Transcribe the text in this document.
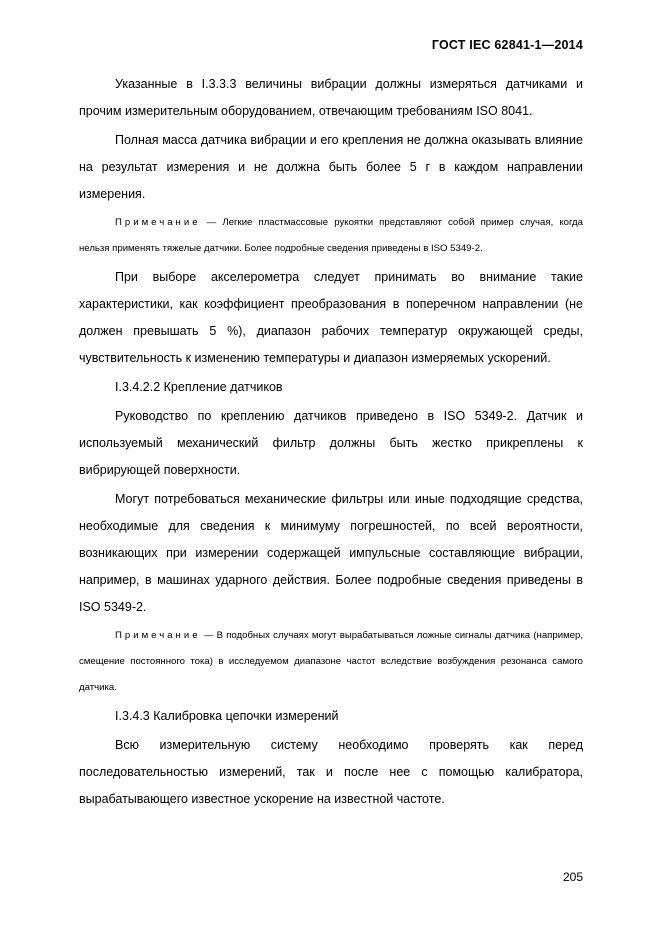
ГОСТ IEC 62841-1—2014

Указанные в I.3.3.3 величины вибрации должны измеряться датчиками и прочим измерительным оборудованием, отвечающим требованиям ISO 8041.

Полная масса датчика вибрации и его крепления не должна оказывать влияние на результат измерения и не должна быть более 5 г в каждом направлении измерения.

Примечание — Легкие пластмассовые рукоятки представляют собой пример случая, когда нельзя применять тяжелые датчики. Более подробные сведения приведены в ISO 5349-2.

При выборе акселерометра следует принимать во внимание такие характеристики, как коэффициент преобразования в поперечном направлении (не должен превышать 5 %), диапазон рабочих температур окружающей среды, чувствительность к изменению температуры и диапазон измеряемых ускорений.

I.3.4.2.2 Крепление датчиков

Руководство по креплению датчиков приведено в ISO 5349-2. Датчик и используемый механический фильтр должны быть жестко прикреплены к вибрирующей поверхности.

Могут потребоваться механические фильтры или иные подходящие средства, необходимые для сведения к минимуму погрешностей, по всей вероятности, возникающих при измерении содержащей импульсные составляющие вибрации, например, в машинах ударного действия. Более подробные сведения приведены в ISO 5349-2.

Примечание — В подобных случаях могут вырабатываться ложные сигналы датчика (например, смещение постоянного тока) в исследуемом диапазоне частот вследствие возбуждения резонанса самого датчика.

I.3.4.3 Калибровка цепочки измерений

Всю измерительную систему необходимо проверять как перед последовательностью измерений, так и после нее с помощью калибратора, вырабатывающего известное ускорение на известной частоте.

205
